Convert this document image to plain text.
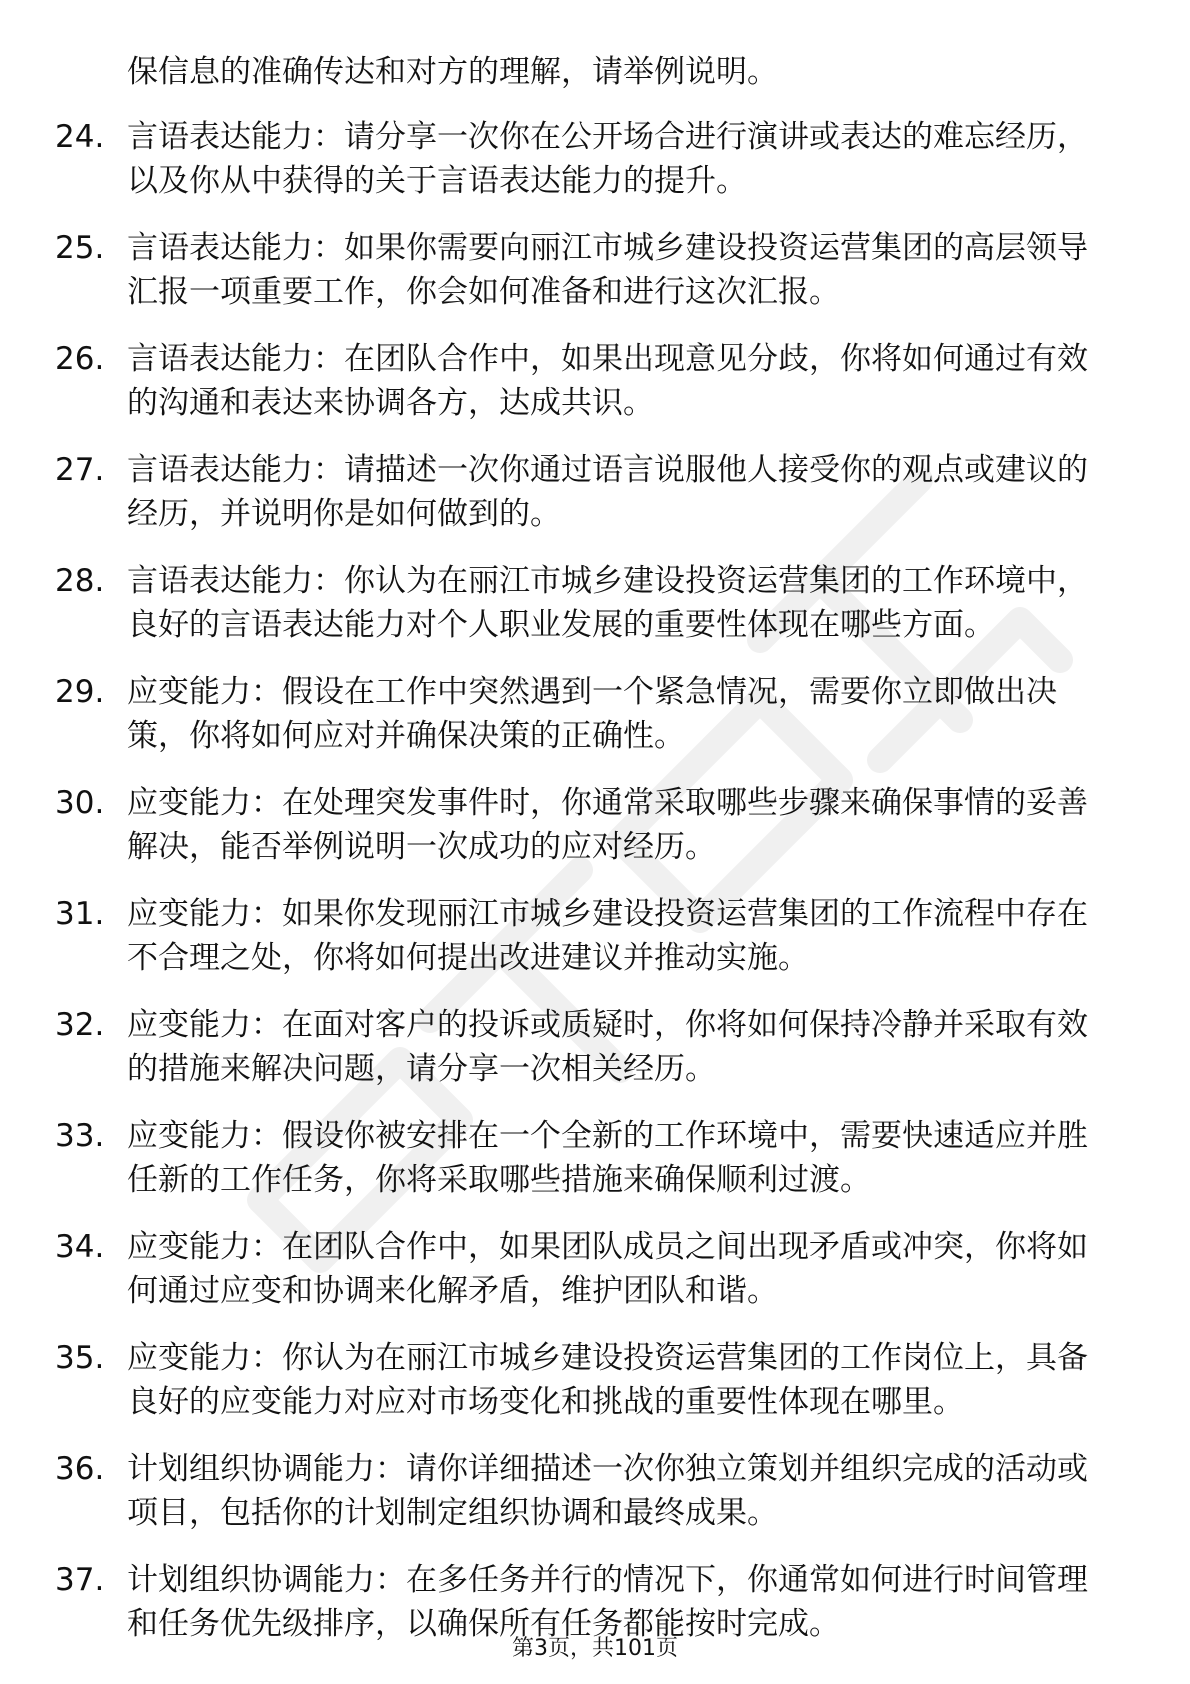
保信息的准确传达和对方的理解，请举例说明。

24. 言语表达能力：请分享一次你在公开场合进行演讲或表达的难忘经历，以及你从中获得的关于言语表达能力的提升。
25. 言语表达能力：如果你需要向丽江市城乡建设投资运营集团的高层领导汇报一项重要工作，你会如何准备和进行这次汇报。
26. 言语表达能力：在团队合作中，如果出现意见分歧，你将如何通过有效的沟通和表达来协调各方，达成共识。
27. 言语表达能力：请描述一次你通过语言说服他人接受你的观点或建议的经历，并说明你是如何做到的。
28. 言语表达能力：你认为在丽江市城乡建设投资运营集团的工作环境中，良好的言语表达能力对个人职业发展的重要性体现在哪些方面。
29. 应变能力：假设在工作中突然遇到一个紧急情况，需要你立即做出决策，你将如何应对并确保决策的正确性。
30. 应变能力：在处理突发事件时，你通常采取哪些步骤来确保事情的妥善解决，能否举例说明一次成功的应对经历。
31. 应变能力：如果你发现丽江市城乡建设投资运营集团的工作流程中存在不合理之处，你将如何提出改进建议并推动实施。
32. 应变能力：在面对客户的投诉或质疑时，你将如何保持冷静并采取有效的措施来解决问题，请分享一次相关经历。
33. 应变能力：假设你被安排在一个全新的工作环境中，需要快速适应并胜任新的工作任务，你将采取哪些措施来确保顺利过渡。
34. 应变能力：在团队合作中，如果团队成员之间出现矛盾或冲突，你将如何通过应变和协调来化解矛盾，维护团队和谐。
35. 应变能力：你认为在丽江市城乡建设投资运营集团的工作岗位上，具备良好的应变能力对应对市场变化和挑战的重要性体现在哪里。
36. 计划组织协调能力：请你详细描述一次你独立策划并组织完成的活动或项目，包括你的计划制定组织协调和最终成果。
37. 计划组织协调能力：在多任务并行的情况下，你通常如何进行时间管理和任务优先级排序，以确保所有任务都能按时完成。
第3页，共101页
